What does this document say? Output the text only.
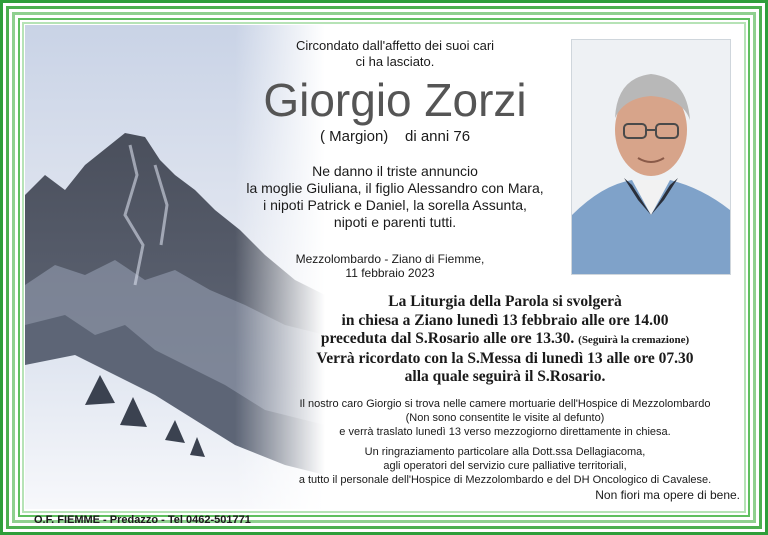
Circondato dall'affetto dei suoi cari
ci ha lasciato.
Giorgio Zorzi
( Margion) di anni 76
Ne danno il triste annuncio
la moglie Giuliana, il figlio Alessandro con Mara,
i nipoti Patrick e Daniel, la sorella Assunta,
nipoti e parenti tutti.
Mezzolombardo - Ziano di Fiemme,
11 febbraio 2023
La Liturgia della Parola si svolgerà
in chiesa a Ziano lunedì 13 febbraio alle ore 14.00
preceduta dal S.Rosario alle ore 13.30. (Seguirà la cremazione)
Verrà ricordato con la S.Messa di lunedì 13 alle ore 07.30
alla quale seguirà il S.Rosario.
Il nostro caro Giorgio si trova nelle camere mortuarie dell'Hospice di Mezzolombardo
(Non sono consentite le visite al defunto)
e verrà traslato lunedì 13 verso mezzogiorno direttamente in chiesa.
Un ringraziamento particolare alla Dott.ssa Dellagiacoma,
agli operatori del servizio cure palliative territoriali,
a tutto il personale dell'Hospice di Mezzolombardo e del DH Oncologico di Cavalese.
Non fiori ma opere di bene.
O.F. FIEMME - Predazzo - Tel 0462-501771
